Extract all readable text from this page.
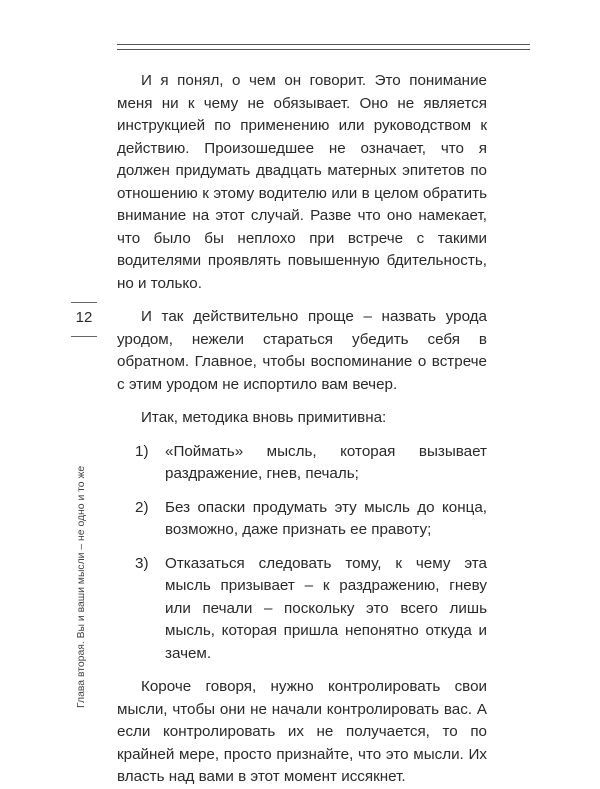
И я понял, о чем он говорит. Это понимание меня ни к чему не обязывает. Оно не является инструкцией по применению или руководством к действию. Произошедшее не означает, что я должен придумать двадцать матерных эпитетов по отношению к этому водителю или в целом обратить внимание на этот случай. Разве что оно намекает, что было бы неплохо при встрече с такими водителями проявлять повышенную бдительность, но и только.

И так действительно проще – назвать урода уродом, нежели стараться убедить себя в обратном. Главное, чтобы воспоминание о встрече с этим уродом не испортило вам вечер.

Итак, методика вновь примитивна:

1) «Поймать» мысль, которая вызывает раздражение, гнев, печаль;
2) Без опаски продумать эту мысль до конца, возможно, даже признать ее правоту;
3) Отказаться следовать тому, к чему эта мысль призывает – к раздражению, гневу или печали – поскольку это всего лишь мысль, которая пришла непонятно откуда и зачем.

Короче говоря, нужно контролировать свои мысли, чтобы они не начали контролировать вас. А если контролировать их не получается, то по крайней мере, просто признайте, что это мысли. Их власть над вами в этот момент иссякнет.

12
Глава вторая. Вы и ваши мысли – не одно и то же
